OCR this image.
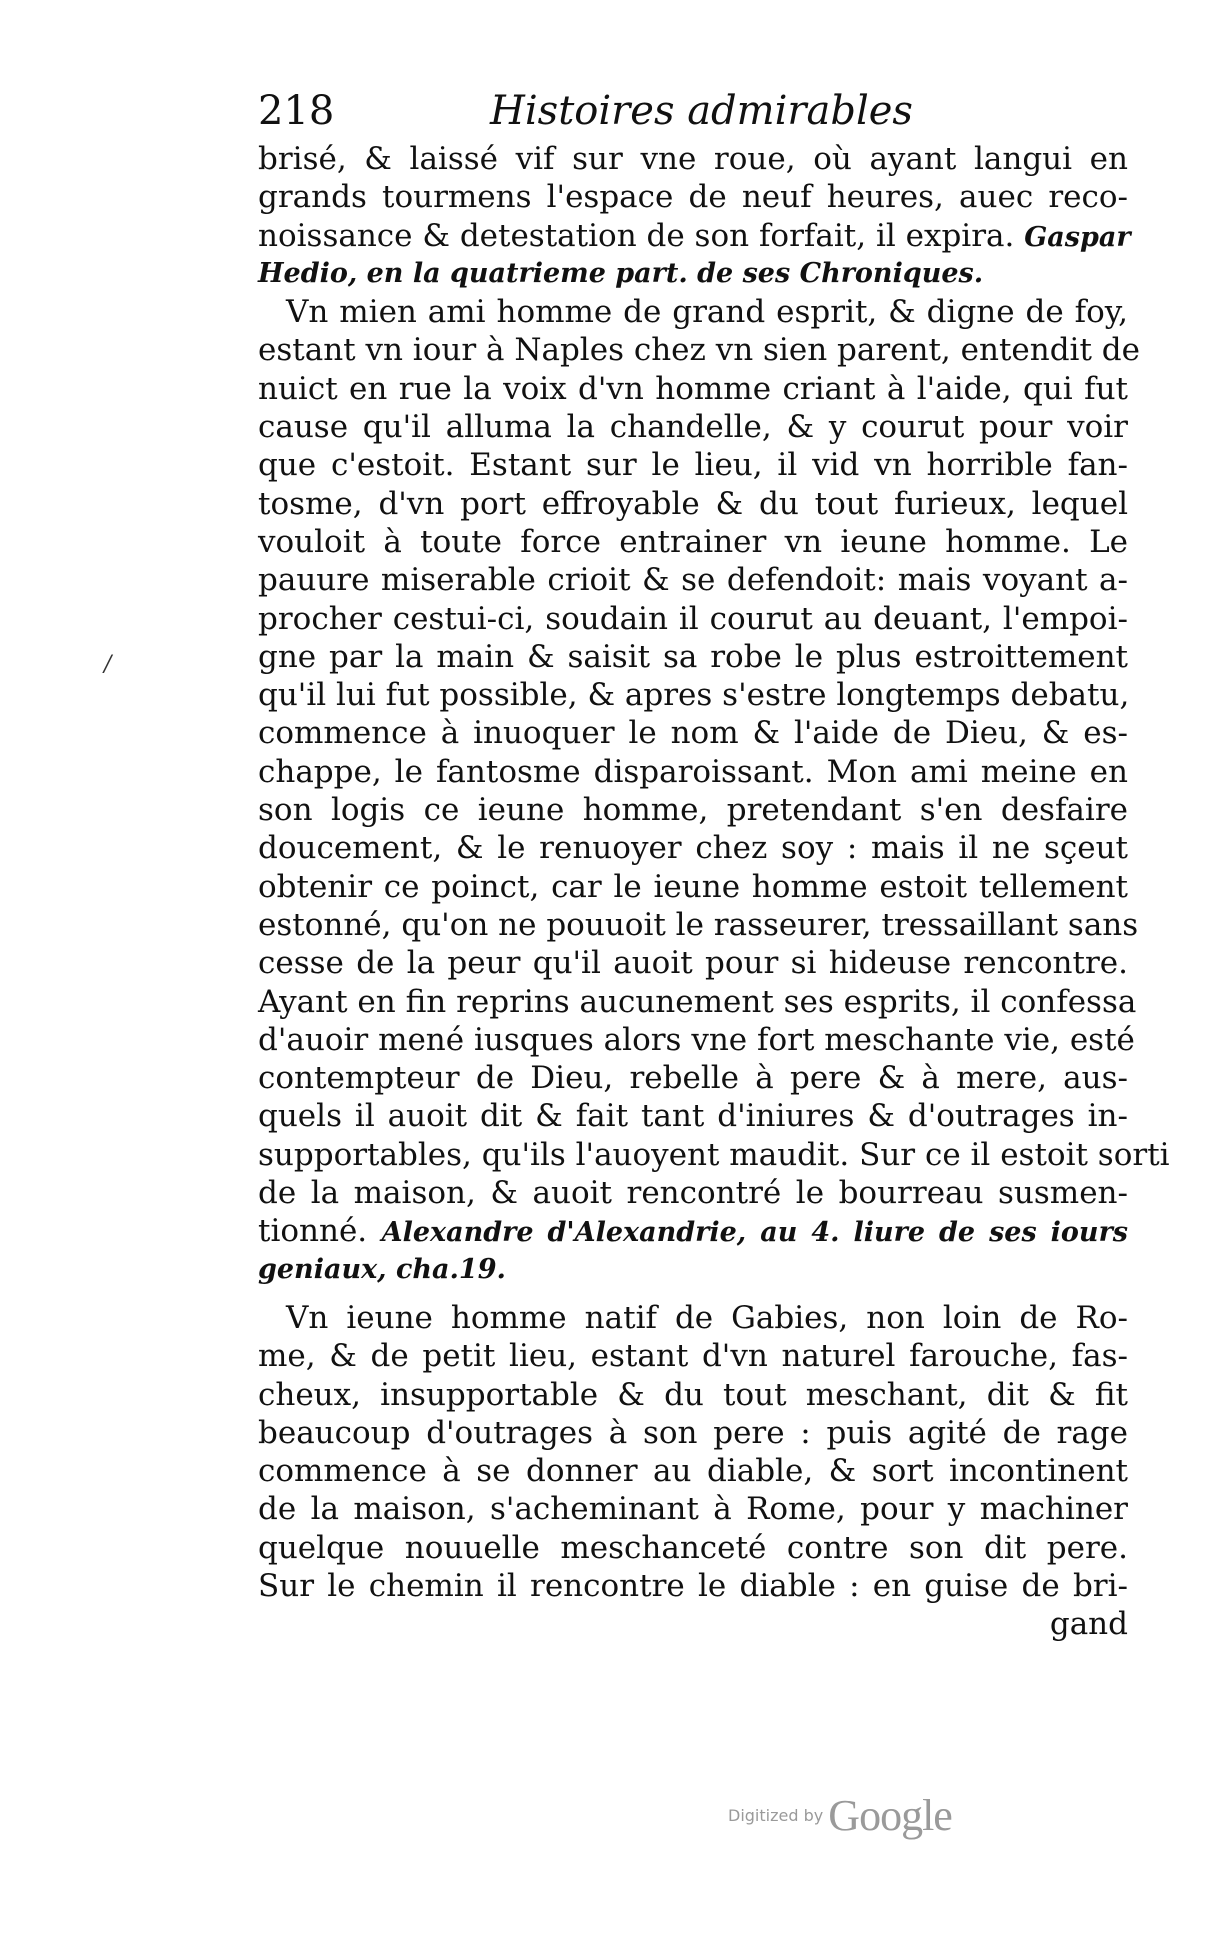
218	Histoires admirables
brisé, & laissé vif sur vne roue, où ayant langui en
grands tourmens l'espace de neuf heures, auec reco-
noissance & detestation de son forfait, il expira. Gaspar
Hedio, en la quatrieme part. de ses Chroniques.
Vn mien ami homme de grand esprit, & digne de foy,
estant vn iour à Naples chez vn sien parent, entendit de
nuict en rue la voix d'vn homme criant à l'aide, qui fut
cause qu'il alluma la chandelle, & y courut pour voir
que c'estoit. Estant sur le lieu, il vid vn horrible fan-
tosme, d'vn port effroyable & du tout furieux, lequel
vouloit à toute force entrainer vn ieune homme. Le
pauure miserable crioit & se defendoit: mais voyant a-
procher cestui-ci, soudain il courut au deuant, l'empoi-
gne par la main & saisit sa robe le plus estroittement
qu'il lui fut possible, & apres s'estre longtemps debatu,
commence à inuoquer le nom & l'aide de Dieu, & es-
chappe, le fantosme disparoissant. Mon ami meine en
son logis ce ieune homme, pretendant s'en desfaire
doucement, & le renuoyer chez soy : mais il ne sçeut
obtenir ce poinct, car le ieune homme estoit tellement
estonné, qu'on ne pouuoit le rasseurer, tressaillant sans
cesse de la peur qu'il auoit pour si hideuse rencontre.
Ayant en fin reprins aucunement ses esprits, il confessa
d'auoir mené iusques alors vne fort meschante vie, esté
contempteur de Dieu, rebelle à pere & à mere, aus-
quels il auoit dit & fait tant d'iniures & d'outrages in-
supportables, qu'ils l'auoyent maudit. Sur ce il estoit sorti
de la maison, & auoit rencontré le bourreau susmen-
tionné. Alexandre d'Alexandrie, au 4. liure de ses iours
geniaux, cha.19.
Vn ieune homme natif de Gabies, non loin de Ro-
me, & de petit lieu, estant d'vn naturel farouche, fas-
cheux, insupportable & du tout meschant, dit & fit
beaucoup d'outrages à son pere : puis agité de rage
commence à se donner au diable, & sort incontinent
de la maison, s'acheminant à Rome, pour y machiner
quelque nouuelle meschanceté contre son dit pere.
Sur le chemin il rencontre le diable : en guise de bri-
gand
/
Digitized by Google
